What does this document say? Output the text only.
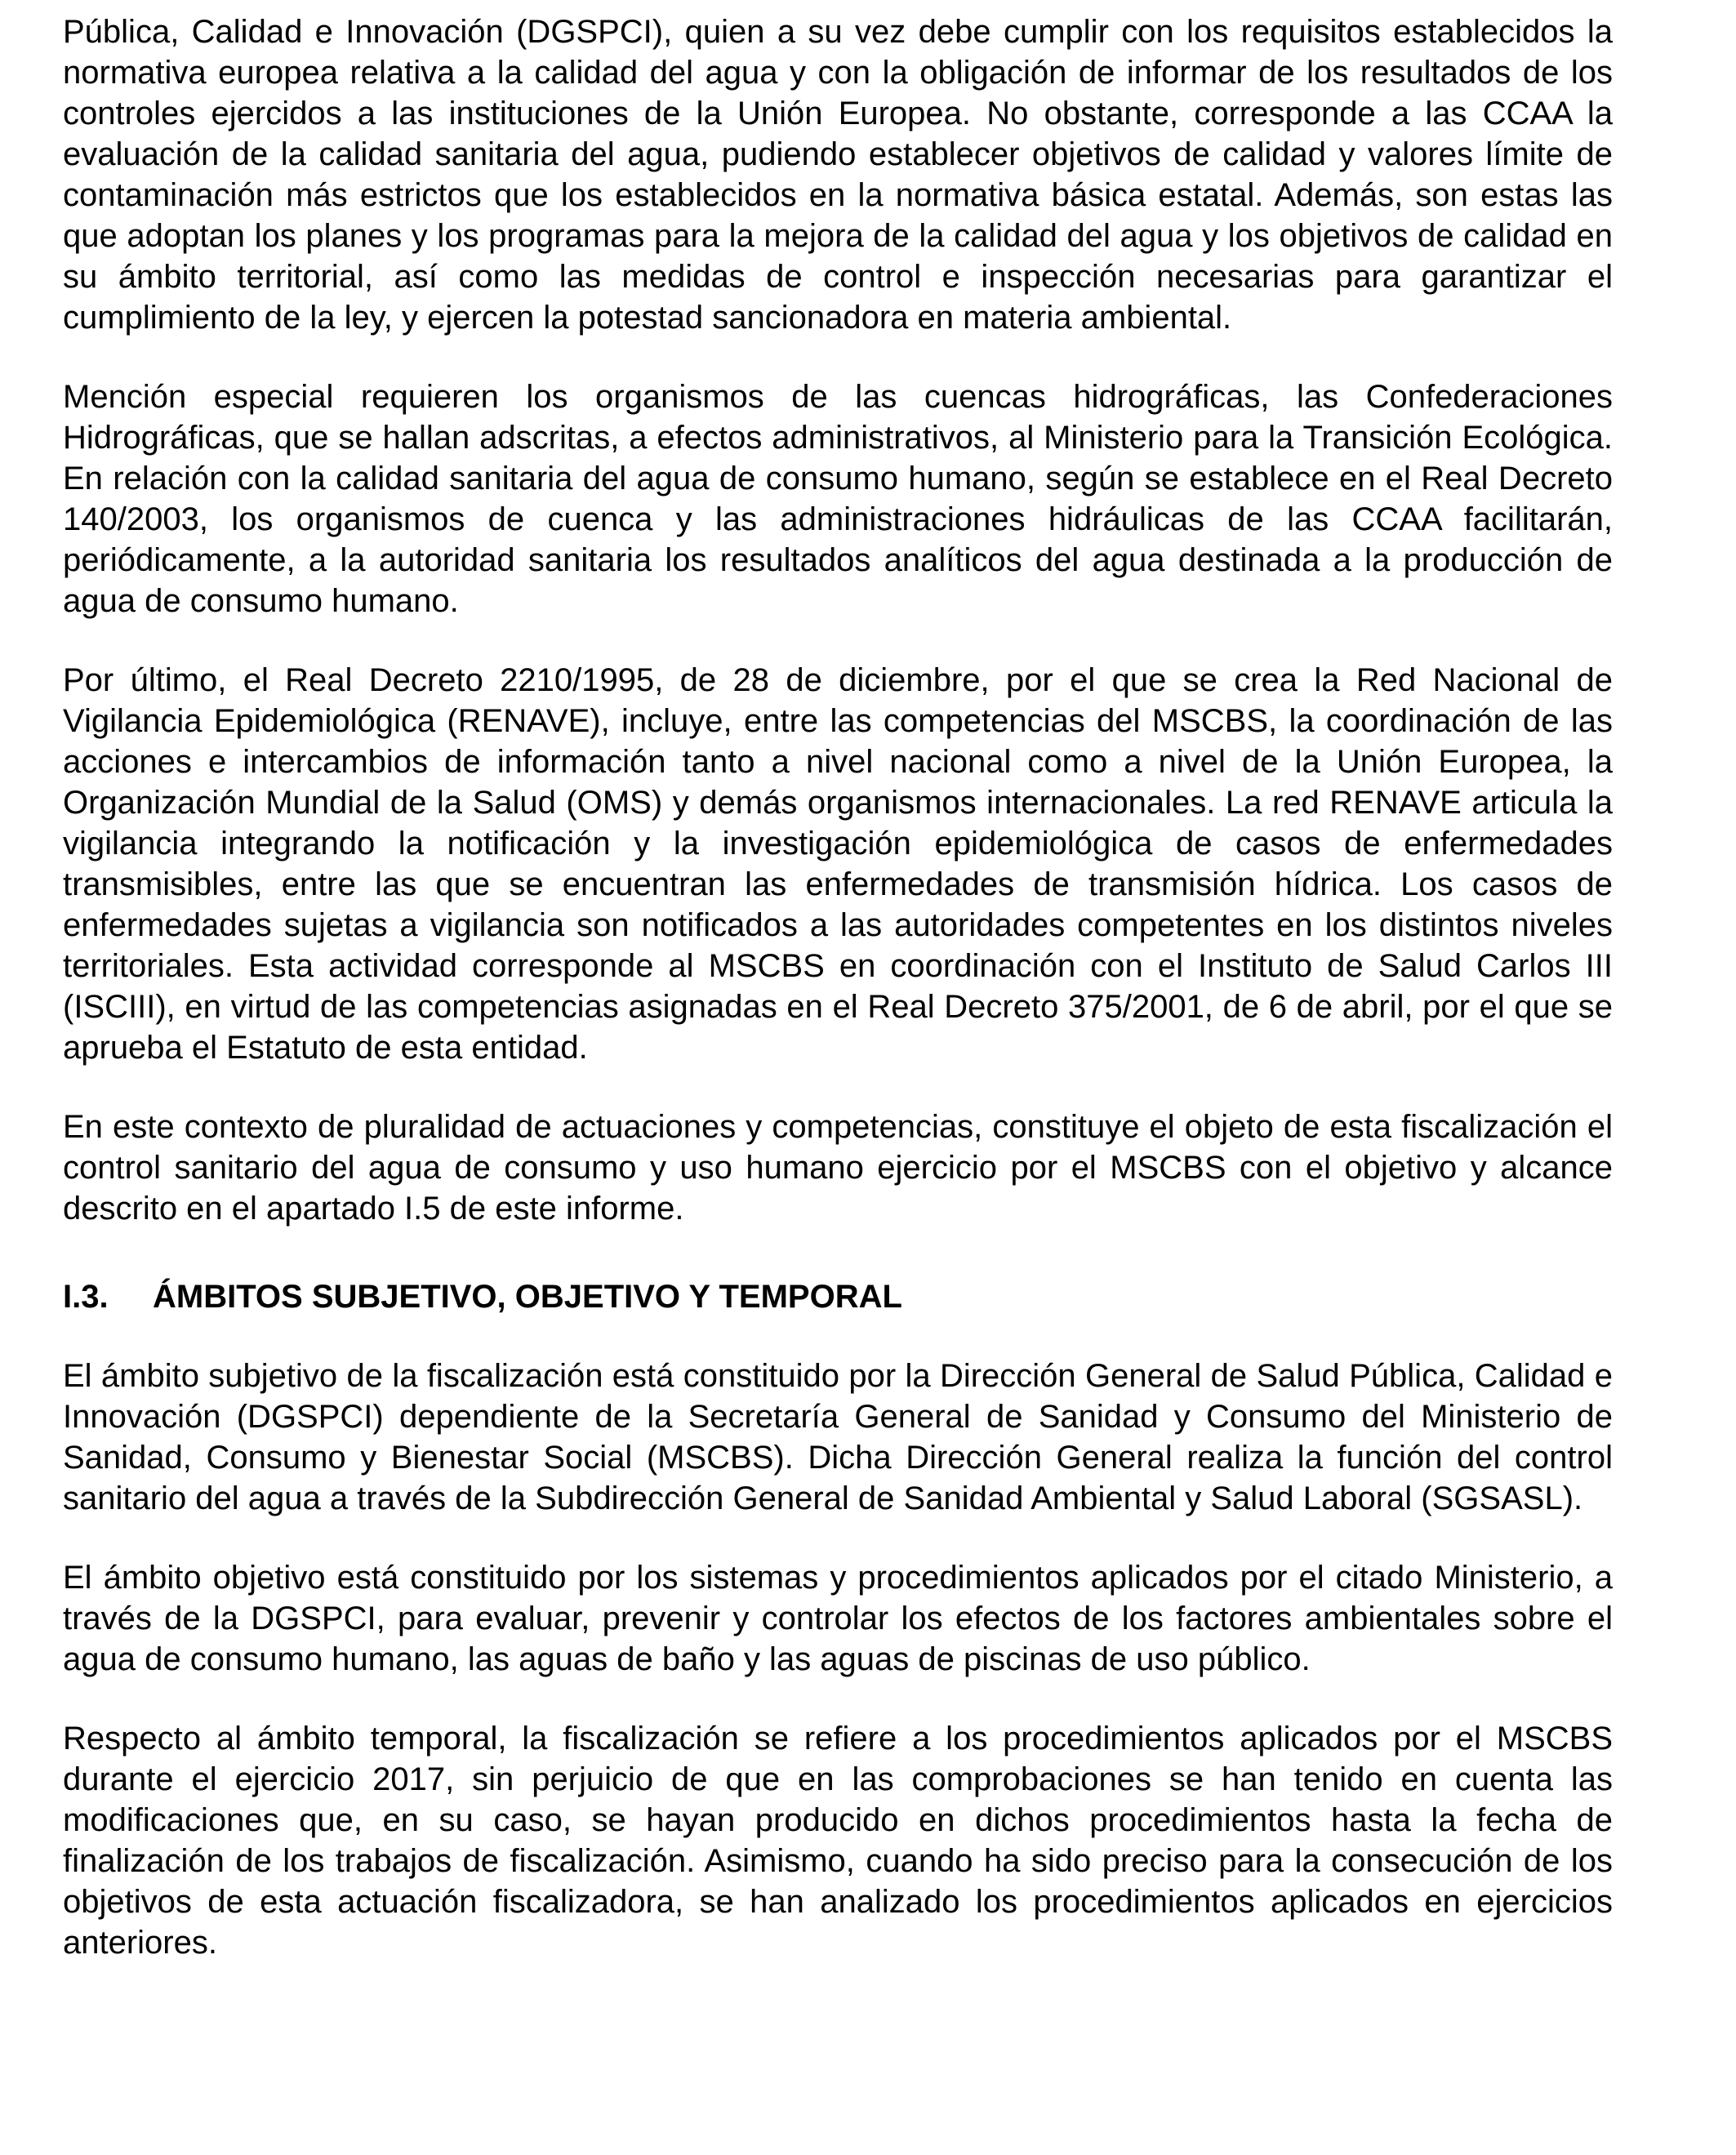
Pública, Calidad e Innovación (DGSPCI), quien a su vez debe cumplir con los requisitos establecidos la normativa europea relativa a la calidad del agua y con la obligación de informar de los resultados de los controles ejercidos a las instituciones de la Unión Europea. No obstante, corresponde a las CCAA la evaluación de la calidad sanitaria del agua, pudiendo establecer objetivos de calidad y valores límite de contaminación más estrictos que los establecidos en la normativa básica estatal. Además, son estas las que adoptan los planes y los programas para la mejora de la calidad del agua y los objetivos de calidad en su ámbito territorial, así como las medidas de control e inspección necesarias para garantizar el cumplimiento de la ley, y ejercen la potestad sancionadora en materia ambiental.

Mención especial requieren los organismos de las cuencas hidrográficas, las Confederaciones Hidrográficas, que se hallan adscritas, a efectos administrativos, al Ministerio para la Transición Ecológica. En relación con la calidad sanitaria del agua de consumo humano, según se establece en el Real Decreto 140/2003, los organismos de cuenca y las administraciones hidráulicas de las CCAA facilitarán, periódicamente, a la autoridad sanitaria los resultados analíticos del agua destinada a la producción de agua de consumo humano.

Por último, el Real Decreto 2210/1995, de 28 de diciembre, por el que se crea la Red Nacional de Vigilancia Epidemiológica (RENAVE), incluye, entre las competencias del MSCBS, la coordinación de las acciones e intercambios de información tanto a nivel nacional como a nivel de la Unión Europea, la Organización Mundial de la Salud (OMS) y demás organismos internacionales. La red RENAVE articula la vigilancia integrando la notificación y la investigación epidemiológica de casos de enfermedades transmisibles, entre las que se encuentran las enfermedades de transmisión hídrica. Los casos de enfermedades sujetas a vigilancia son notificados a las autoridades competentes en los distintos niveles territoriales. Esta actividad corresponde al MSCBS en coordinación con el Instituto de Salud Carlos III (ISCIII), en virtud de las competencias asignadas en el Real Decreto 375/2001, de 6 de abril, por el que se aprueba el Estatuto de esta entidad.

En este contexto de pluralidad de actuaciones y competencias, constituye el objeto de esta fiscalización el control sanitario del agua de consumo y uso humano ejercicio por el MSCBS con el objetivo y alcance descrito en el apartado I.5 de este informe.

I.3.	ÁMBITOS SUBJETIVO, OBJETIVO Y TEMPORAL

El ámbito subjetivo de la fiscalización está constituido por la Dirección General de Salud Pública, Calidad e Innovación (DGSPCI) dependiente de la Secretaría General de Sanidad y Consumo del Ministerio de Sanidad, Consumo y Bienestar Social (MSCBS). Dicha Dirección General realiza la función del control sanitario del agua a través de la Subdirección General de Sanidad Ambiental y Salud Laboral (SGSASL).

El ámbito objetivo está constituido por los sistemas y procedimientos aplicados por el citado Ministerio, a través de la DGSPCI, para evaluar, prevenir y controlar los efectos de los factores ambientales sobre el agua de consumo humano, las aguas de baño y las aguas de piscinas de uso público.

Respecto al ámbito temporal, la fiscalización se refiere a los procedimientos aplicados por el MSCBS durante el ejercicio 2017, sin perjuicio de que en las comprobaciones se han tenido en cuenta las modificaciones que, en su caso, se hayan producido en dichos procedimientos hasta la fecha de finalización de los trabajos de fiscalización. Asimismo, cuando ha sido preciso para la consecución de los objetivos de esta actuación fiscalizadora, se han analizado los procedimientos aplicados en ejercicios anteriores.
